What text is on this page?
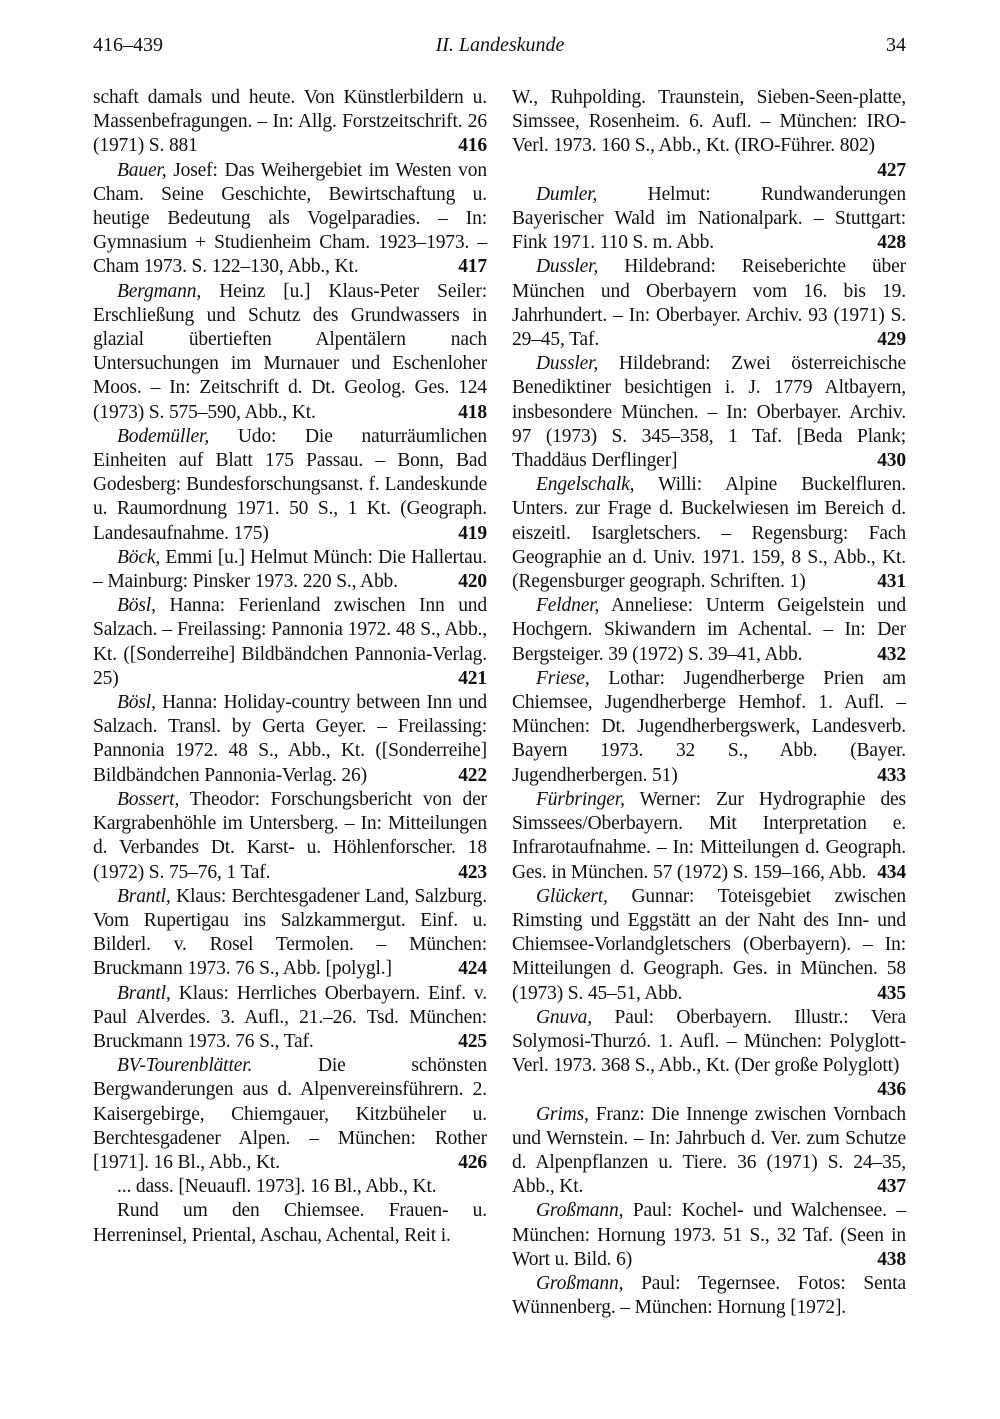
416–439	II. Landeskunde	34
schaft damals und heute. Von Künstlerbildern u. Massenbefragungen. – In: Allg. Forstzeitschrift. 26 (1971) S. 881	416
Bauer, Josef: Das Weihergebiet im Westen von Cham. Seine Geschichte, Bewirtschaftung u. heutige Bedeutung als Vogelparadies. – In: Gymnasium + Studienheim Cham. 1923–1973. – Cham 1973. S. 122–130, Abb., Kt.	417
Bergmann, Heinz [u.] Klaus-Peter Seiler: Erschließung und Schutz des Grundwassers in glazial übertieften Alpentälern nach Untersuchungen im Murnauer und Eschenloher Moos. – In: Zeitschrift d. Dt. Geolog. Ges. 124 (1973) S. 575–590, Abb., Kt.	418
Bodemüller, Udo: Die naturräumlichen Einheiten auf Blatt 175 Passau. – Bonn, Bad Godesberg: Bundesforschungsanst. f. Landeskunde u. Raumordnung 1971. 50 S., 1 Kt. (Geograph. Landesaufnahme. 175)	419
Böck, Emmi [u.] Helmut Münch: Die Hallertau. – Mainburg: Pinsker 1973. 220 S., Abb.	420
Bösl, Hanna: Ferienland zwischen Inn und Salzach. – Freilassing: Pannonia 1972. 48 S., Abb., Kt. ([Sonderreihe] Bildbändchen Pannonia-Verlag. 25)	421
Bösl, Hanna: Holiday-country between Inn und Salzach. Transl. by Gerta Geyer. – Freilassing: Pannonia 1972. 48 S., Abb., Kt. ([Sonderreihe] Bildbändchen Pannonia-Verlag. 26)	422
Bossert, Theodor: Forschungsbericht von der Kargrabenhöhle im Untersberg. – In: Mitteilungen d. Verbandes Dt. Karst- u. Höhlenforscher. 18 (1972) S. 75–76, 1 Taf.	423
Brantl, Klaus: Berchtesgadener Land, Salzburg. Vom Rupertigau ins Salzkammergut. Einf. u. Bilderl. v. Rosel Termolen. – München: Bruckmann 1973. 76 S., Abb. [polygl.]	424
Brantl, Klaus: Herrliches Oberbayern. Einf. v. Paul Alverdes. 3. Aufl., 21.–26. Tsd. München: Bruckmann 1973. 76 S., Taf.	425
BV-Tourenblätter. Die schönsten Bergwanderungen aus d. Alpenvereinsführern. 2. Kaisergebirge, Chiemgauer, Kitzbüheler u. Berchtesgadener Alpen. – München: Rother [1971]. 16 Bl., Abb., Kt.	426
... dass. [Neuaufl. 1973]. 16 Bl., Abb., Kt.
Rund um den Chiemsee. Frauen- u. Herreninsel, Priental, Aschau, Achental, Reit i.
W., Ruhpolding. Traunstein, Sieben-Seen-platte, Simssee, Rosenheim. 6. Aufl. – München: IRO-Verl. 1973. 160 S., Abb., Kt. (IRO-Führer. 802)
427
Dumler, Helmut: Rundwanderungen Bayerischer Wald im Nationalpark. – Stuttgart: Fink 1971. 110 S. m. Abb.	428
Dussler, Hildebrand: Reiseberichte über München und Oberbayern vom 16. bis 19. Jahrhundert. – In: Oberbayer. Archiv. 93 (1971) S. 29–45, Taf.	429
Dussler, Hildebrand: Zwei österreichische Benediktiner besichtigen i. J. 1779 Altbayern, insbesondere München. – In: Oberbayer. Archiv. 97 (1973) S. 345–358, 1 Taf. [Beda Plank; Thaddäus Derflinger]	430
Engelschalk, Willi: Alpine Buckelfluren. Unters. zur Frage d. Buckelwiesen im Bereich d. eiszeitl. Isargletschers. – Regensburg: Fach Geographie an d. Univ. 1971. 159, 8 S., Abb., Kt. (Regensburger geograph. Schriften. 1)	431
Feldner, Anneliese: Unterm Geigelstein und Hochgern. Skiwandern im Achental. – In: Der Bergsteiger. 39 (1972) S. 39–41, Abb.	432
Friese, Lothar: Jugendherberge Prien am Chiemsee, Jugendherberge Hemhof. 1. Aufl. – München: Dt. Jugendherbergswerk, Landesverb. Bayern 1973. 32 S., Abb. (Bayer. Jugendherbergen. 51)	433
Fürbringer, Werner: Zur Hydrographie des Simssees/Oberbayern. Mit Interpretation e. Infrarotaufnahme. – In: Mitteilungen d. Geograph. Ges. in München. 57 (1972) S. 159–166, Abb. 434
Glückert, Gunnar: Toteisgebiet zwischen Rimsting und Eggstätt an der Naht des Inn- und Chiemsee-Vorlandgletschers (Oberbayern). – In: Mitteilungen d. Geograph. Ges. in München. 58 (1973) S. 45–51, Abb.	435
Gnuva, Paul: Oberbayern. Illustr.: Vera Solymosi-Thurzó. 1. Aufl. – München: Polyglott-Verl. 1973. 368 S., Abb., Kt. (Der große Polyglott)
436
Grims, Franz: Die Innenge zwischen Vornbach und Wernstein. – In: Jahrbuch d. Ver. zum Schutze d. Alpenpflanzen u. Tiere. 36 (1971) S. 24–35, Abb., Kt.	437
Großmann, Paul: Kochel- und Walchensee. – München: Hornung 1973. 51 S., 32 Taf. (Seen in Wort u. Bild. 6)	438
Großmann, Paul: Tegernsee. Fotos: Senta Wünnenberg. – München: Hornung [1972].
